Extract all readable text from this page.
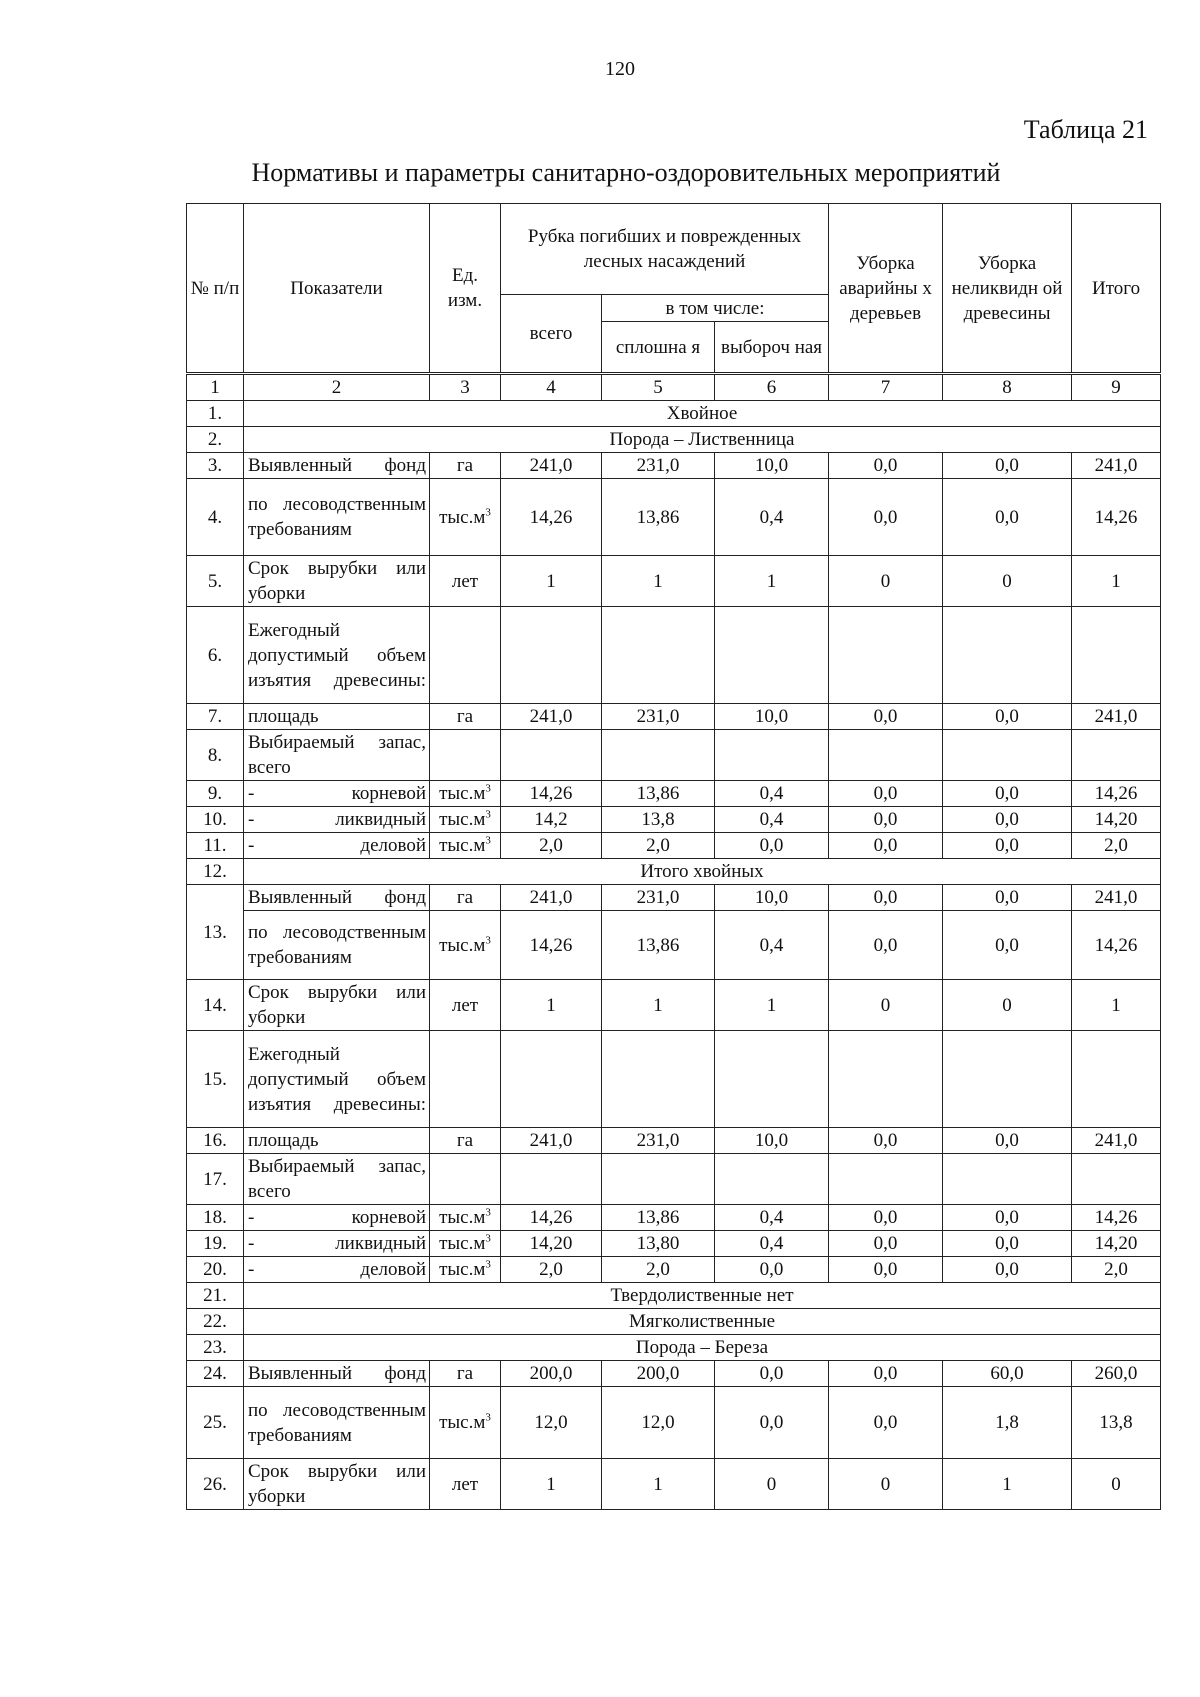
120
Таблица 21
Нормативы и параметры санитарно-оздоровительных мероприятий
№ п/п	Показатели	Ед. изм.	Рубка погибших и поврежденных лесных насаждений			Уборка аварийны х деревьев	Уборка неликвидн ой древесины	Итого
			всего	в том числе:				
				сплошна я	выбороч ная			
1	2	3	4	5	6	7	8	9
1.	Хвойное							
2.	Порода – Лиственница							
3.	Выявленный фонд	га	241,0	231,0	10,0	0,0	0,0	241,0
4.	по лесоводственным требованиям	$тыс.м^3$	14,26	13,86	0,4	0,0	0,0	14,26
5.	Срок вырубки или уборки	лет	1	1	1	0	0	1
6.	Ежегодный допустимый объем изъятия древесины:							
7.	площадь	га	241,0	231,0	10,0	0,0	0,0	241,0
8.	Выбираемый запас, всего							
9.	- корневой	$тыс.м^3$	14,26	13,86	0,4	0,0	0,0	14,26
10.	- ликвидный	$тыс.м^3$	14,2	13,8	0,4	0,0	0,0	14,20
11.	- деловой	$тыс.м^3$	2,0	2,0	0,0	0,0	0,0	2,0
12.	Итого хвойных							
13.	Выявленный фонд	га	241,0	231,0	10,0	0,0	0,0	241,0
	по лесоводственным требованиям	$тыс.м^3$	14,26	13,86	0,4	0,0	0,0	14,26
14.	Срок вырубки или уборки	лет	1	1	1	0	0	1
15.	Ежегодный допустимый объем изъятия древесины:							
16.	площадь	га	241,0	231,0	10,0	0,0	0,0	241,0
17.	Выбираемый запас, всего							
18.	- корневой	$тыс.м^3$	14,26	13,86	0,4	0,0	0,0	14,26
19.	- ликвидный	$тыс.м^3$	14,20	13,80	0,4	0,0	0,0	14,20
20.	- деловой	$тыс.м^3$	2,0	2,0	0,0	0,0	0,0	2,0
21.	Твердолиственные нет							
22.	Мягколиственные							
23.	Порода – Береза							
24.	Выявленный фонд	га	200,0	200,0	0,0	0,0	60,0	260,0
25.	по лесоводственным требованиям	$тыс.м^3$	12,0	12,0	0,0	0,0	1,8	13,8
26.	Срок вырубки или уборки	лет	1	1	0	0	1	0
